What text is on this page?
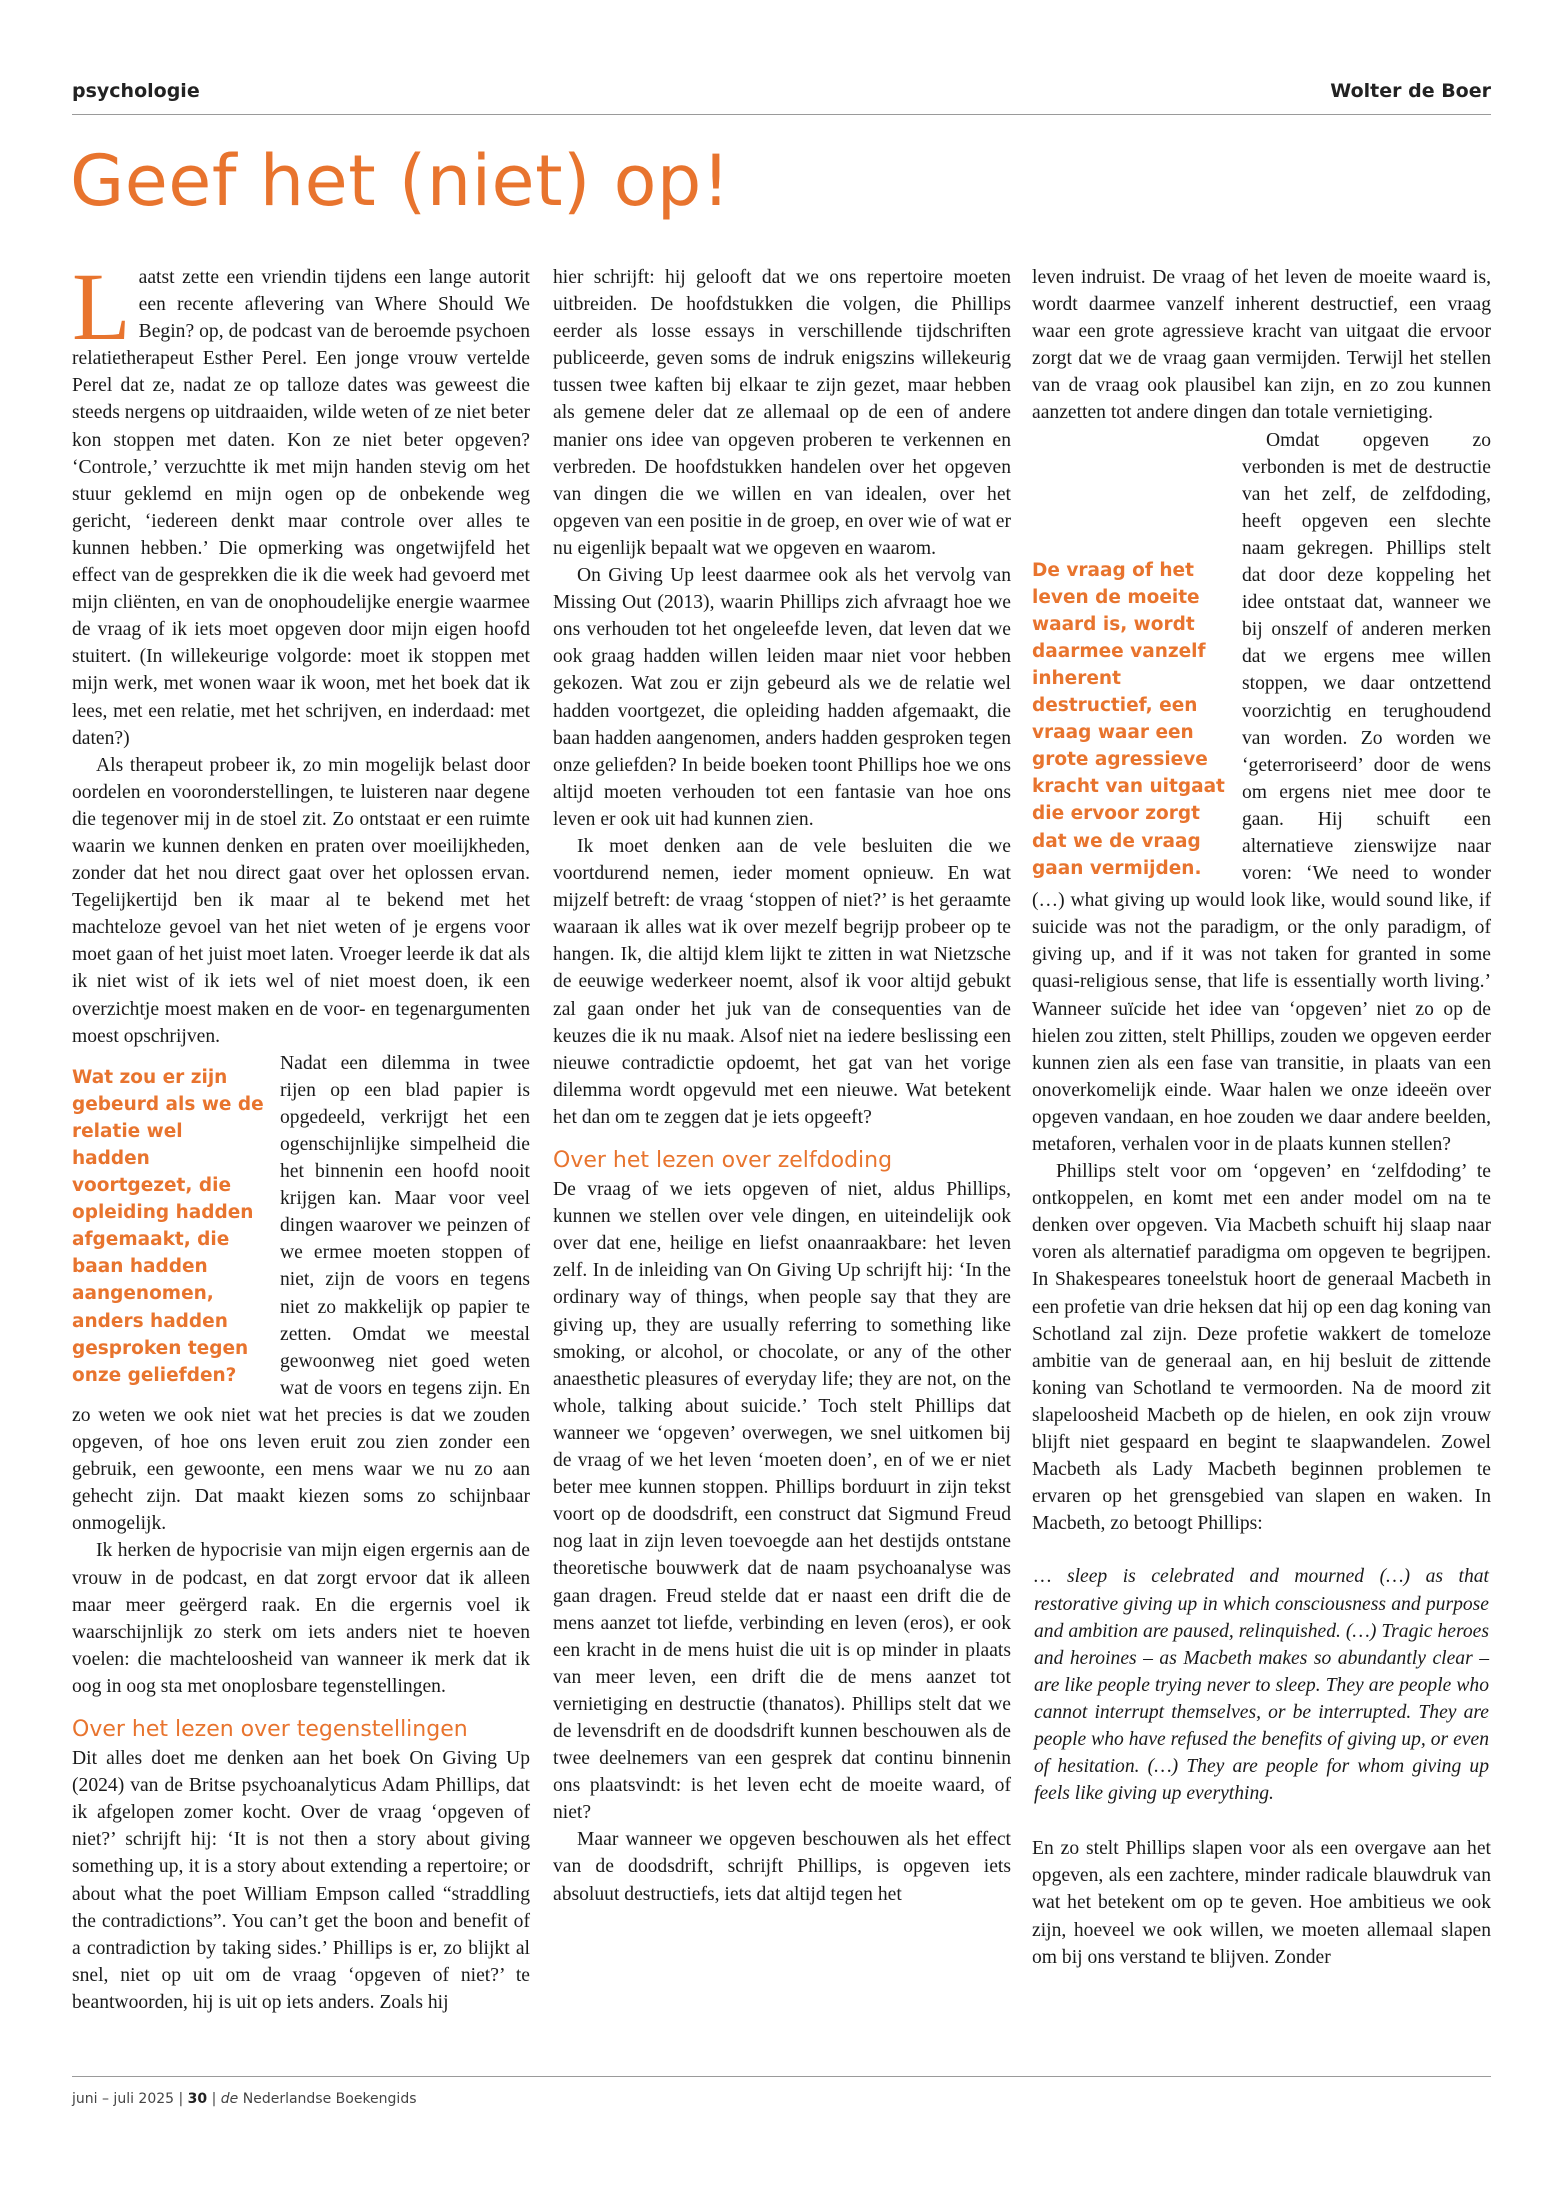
psychologie	Wolter de Boer
Geef het (niet) op!

Laatst zette een vriendin tijdens een lange autorit een recente aflevering van Where Should We Begin? op, de podcast van de beroemde psychoen relatietherapeut Esther Perel. Een jonge vrouw vertelde Perel dat ze, nadat ze op talloze dates was geweest die steeds nergens op uitdraaiden, wilde weten of ze niet beter kon stoppen met daten. Kon ze niet beter opgeven? ‘Controle,’ verzuchtte ik met mijn handen stevig om het stuur geklemd en mijn ogen op de onbekende weg gericht, ‘iedereen denkt maar controle over alles te kunnen hebben.’ Die opmerking was ongetwijfeld het effect van de gesprekken die ik die week had gevoerd met mijn cliënten, en van de onophoudelijke energie waarmee de vraag of ik iets moet opgeven door mijn eigen hoofd stuitert. (In willekeurige volgorde: moet ik stoppen met mijn werk, met wonen waar ik woon, met het boek dat ik lees, met een relatie, met het schrijven, en inderdaad: met daten?)

Als therapeut probeer ik, zo min mogelijk belast door oordelen en vooronderstellingen, te luisteren naar degene die tegenover mij in de stoel zit. Zo ontstaat er een ruimte waarin we kunnen denken en praten over moeilijkheden, zonder dat het nou direct gaat over het oplossen ervan. Tegelijkertijd ben ik maar al te bekend met het machteloze gevoel van het niet weten of je ergens voor moet gaan of het juist moet laten. Vroeger leerde ik dat als ik niet wist of ik iets wel of niet moest doen, ik een overzichtje moest maken en de voor- en tegenargumenten moest opschrijven.

Wat zou er zijn gebeurd als we de relatie wel hadden voortgezet, die opleiding hadden afgemaakt, die baan hadden aangenomen, anders hadden gesproken tegen onze geliefden?

Nadat een dilemma in twee rijen op een blad papier is opgedeeld, verkrijgt het een ogenschijnlijke simpelheid die het binnenin een hoofd nooit krijgen kan. Maar voor veel dingen waarover we peinzen of we ermee moeten stoppen of niet, zijn de voors en tegens niet zo makkelijk op papier te zetten. Omdat we meestal gewoonweg niet goed weten wat de voors en tegens zijn. En zo weten we ook niet wat het precies is dat we zouden opgeven, of hoe ons leven eruit zou zien zonder een gebruik, een gewoonte, een mens waar we nu zo aan gehecht zijn. Dat maakt kiezen soms zo schijnbaar onmogelijk.

Ik herken de hypocrisie van mijn eigen ergernis aan de vrouw in de podcast, en dat zorgt ervoor dat ik alleen maar meer geërgerd raak. En die ergernis voel ik waarschijnlijk zo sterk om iets anders niet te hoeven voelen: die machteloosheid van wanneer ik merk dat ik oog in oog sta met onoplosbare tegenstellingen.

Over het lezen over tegenstellingen

Dit alles doet me denken aan het boek On Giving Up (2024) van de Britse psychoanalyticus Adam Phillips, dat ik afgelopen zomer kocht. Over de vraag ‘opgeven of niet?’ schrijft hij: ‘It is not then a story about giving something up, it is a story about extending a repertoire; or about what the poet William Empson called “straddling the contradictions”. You can’t get the boon and benefit of a contradiction by taking sides.’ Phillips is er, zo blijkt al snel, niet op uit om de vraag ‘opgeven of niet?’ te beantwoorden, hij is uit op iets anders. Zoals hij

hier schrijft: hij gelooft dat we ons repertoire moeten uitbreiden. De hoofdstukken die volgen, die Phillips eerder als losse essays in verschillende tijdschriften publiceerde, geven soms de indruk enigszins willekeurig tussen twee kaften bij elkaar te zijn gezet, maar hebben als gemene deler dat ze allemaal op de een of andere manier ons idee van opgeven proberen te verkennen en verbreden. De hoofdstukken handelen over het opgeven van dingen die we willen en van idealen, over het opgeven van een positie in de groep, en over wie of wat er nu eigenlijk bepaalt wat we opgeven en waarom.

On Giving Up leest daarmee ook als het vervolg van Missing Out (2013), waarin Phillips zich afvraagt hoe we ons verhouden tot het ongeleefde leven, dat leven dat we ook graag hadden willen leiden maar niet voor hebben gekozen. Wat zou er zijn gebeurd als we de relatie wel hadden voortgezet, die opleiding hadden afgemaakt, die baan hadden aangenomen, anders hadden gesproken tegen onze geliefden? In beide boeken toont Phillips hoe we ons altijd moeten verhouden tot een fantasie van hoe ons leven er ook uit had kunnen zien.

Ik moet denken aan de vele besluiten die we voortdurend nemen, ieder moment opnieuw. En wat mijzelf betreft: de vraag ‘stoppen of niet?’ is het geraamte waaraan ik alles wat ik over mezelf begrijp probeer op te hangen. Ik, die altijd klem lijkt te zitten in wat Nietzsche de eeuwige wederkeer noemt, alsof ik voor altijd gebukt zal gaan onder het juk van de consequenties van de keuzes die ik nu maak. Alsof niet na iedere beslissing een nieuwe contradictie opdoemt, het gat van het vorige dilemma wordt opgevuld met een nieuwe. Wat betekent het dan om te zeggen dat je iets opgeeft?

Over het lezen over zelfdoding

De vraag of we iets opgeven of niet, aldus Phillips, kunnen we stellen over vele dingen, en uiteindelijk ook over dat ene, heilige en liefst onaanraakbare: het leven zelf. In de inleiding van On Giving Up schrijft hij: ‘In the ordinary way of things, when people say that they are giving up, they are usually referring to something like smoking, or alcohol, or chocolate, or any of the other anaesthetic pleasures of everyday life; they are not, on the whole, talking about suicide.’ Toch stelt Phillips dat wanneer we ‘opgeven’ overwegen, we snel uitkomen bij de vraag of we het leven ‘moeten doen’, en of we er niet beter mee kunnen stoppen. Phillips borduurt in zijn tekst voort op de doodsdrift, een construct dat Sigmund Freud nog laat in zijn leven toevoegde aan het destijds ontstane theoretische bouwwerk dat de naam psychoanalyse was gaan dragen. Freud stelde dat er naast een drift die de mens aanzet tot liefde, verbinding en leven (eros), er ook een kracht in de mens huist die uit is op minder in plaats van meer leven, een drift die de mens aanzet tot vernietiging en destructie (thanatos). Phillips stelt dat we de levensdrift en de doodsdrift kunnen beschouwen als de twee deelnemers van een gesprek dat continu binnenin ons plaatsvindt: is het leven echt de moeite waard, of niet?

Maar wanneer we opgeven beschouwen als het effect van de doodsdrift, schrijft Phillips, is opgeven iets absoluut destructiefs, iets dat altijd tegen het

leven indruist. De vraag of het leven de moeite waard is, wordt daarmee vanzelf inherent destructief, een vraag waar een grote agressieve kracht van uitgaat die ervoor zorgt dat we de vraag gaan vermijden. Terwijl het stellen van de vraag ook plausibel kan zijn, en zo zou kunnen aanzetten tot andere dingen dan totale vernietiging.

De vraag of het leven de moeite waard is, wordt daarmee vanzelf inherent destructief, een vraag waar een grote agressieve kracht van uitgaat die ervoor zorgt dat we de vraag gaan vermijden.

Omdat opgeven zo verbonden is met de destructie van het zelf, de zelfdoding, heeft opgeven een slechte naam gekregen. Phillips stelt dat door deze koppeling het idee ontstaat dat, wanneer we bij onszelf of anderen merken dat we ergens mee willen stoppen, we daar ontzettend voorzichtig en terughoudend van worden. Zo worden we ‘geterroriseerd’ door de wens om ergens niet mee door te gaan. Hij schuift een alternatieve zienswijze naar voren: ‘We need to wonder (…) what giving up would look like, would sound like, if suicide was not the paradigm, or the only paradigm, of giving up, and if it was not taken for granted in some quasi-religious sense, that life is essentially worth living.’ Wanneer suïcide het idee van ‘opgeven’ niet zo op de hielen zou zitten, stelt Phillips, zouden we opgeven eerder kunnen zien als een fase van transitie, in plaats van een onoverkomelijk einde. Waar halen we onze ideeën over opgeven vandaan, en hoe zouden we daar andere beelden, metaforen, verhalen voor in de plaats kunnen stellen?

Phillips stelt voor om ‘opgeven’ en ‘zelfdoding’ te ontkoppelen, en komt met een ander model om na te denken over opgeven. Via Macbeth schuift hij slaap naar voren als alternatief paradigma om opgeven te begrijpen. In Shakespeares toneelstuk hoort de generaal Macbeth in een profetie van drie heksen dat hij op een dag koning van Schotland zal zijn. Deze profetie wakkert de tomeloze ambitie van de generaal aan, en hij besluit de zittende koning van Schotland te vermoorden. Na de moord zit slapeloosheid Macbeth op de hielen, en ook zijn vrouw blijft niet gespaard en begint te slaapwandelen. Zowel Macbeth als Lady Macbeth beginnen problemen te ervaren op het grensgebied van slapen en waken. In Macbeth, zo betoogt Phillips:

… sleep is celebrated and mourned (…) as that restorative giving up in which consciousness and purpose and ambition are paused, relinquished. (…) Tragic heroes and heroines – as Macbeth makes so abundantly clear – are like people trying never to sleep. They are people who cannot interrupt themselves, or be interrupted. They are people who have refused the benefits of giving up, or even of hesitation. (…) They are people for whom giving up feels like giving up everything.

En zo stelt Phillips slapen voor als een overgave aan het opgeven, als een zachtere, minder radicale blauwdruk van wat het betekent om op te geven. Hoe ambitieus we ook zijn, hoeveel we ook willen, we moeten allemaal slapen om bij ons verstand te blijven. Zonder

juni – juli 2025 | 30 | de Nederlandse Boekengids
